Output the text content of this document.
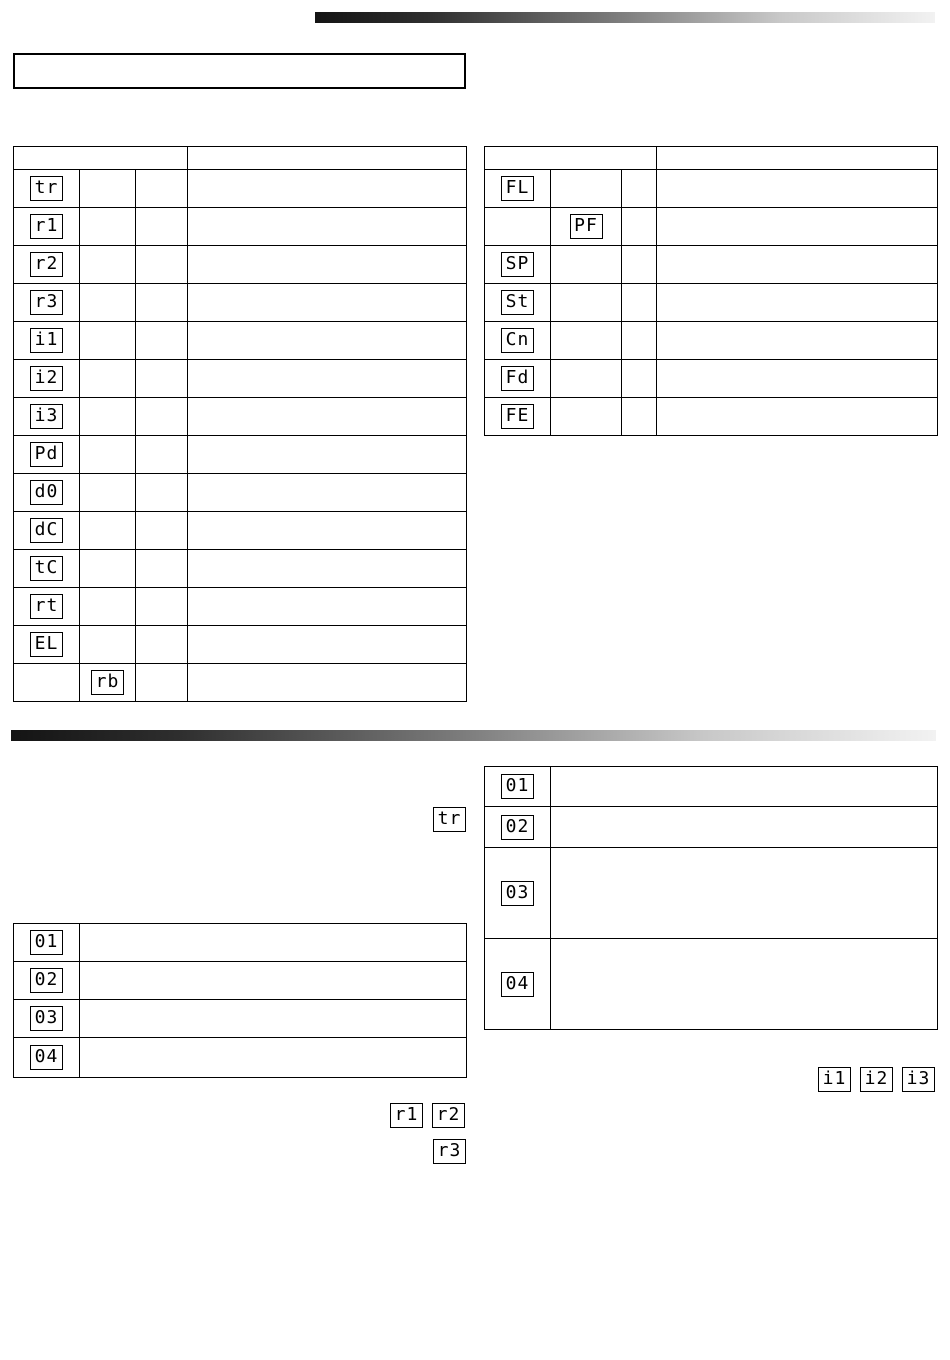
tr			
r1			
r2			
r3			
i1			
i2			
i3			
Pd			
d0			
dC			
tC			
rt			
EL			
	rb		

FL			
	PF		
SP			
St			
Cn			
Fd			
FE			
tr
01	
02	
03	
04	
r1 r2
r3
01	
02	
03	
04	
i1 i2 i3
